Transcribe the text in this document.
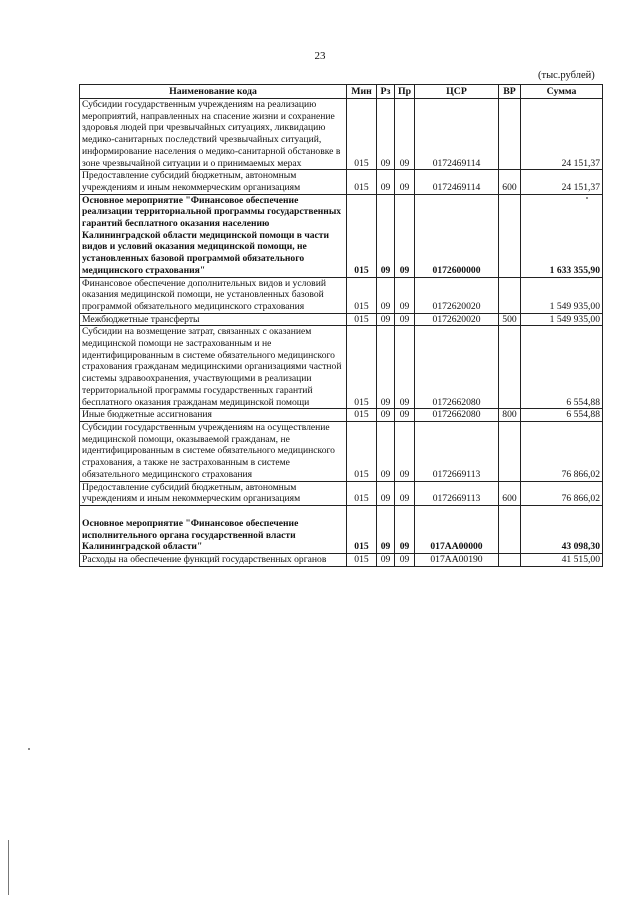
23
(тыс.рублей)
Наименование кода	Мин	Рз	Пр	ЦСР	ВР	Сумма
Субсидии государственным учреждениям на реализацию мероприятий, направленных на спасение жизни и сохранение здоровья людей при чрезвычайных ситуациях, ликвидацию медико-санитарных последствий чрезвычайных ситуаций, информирование населения о медико-санитарной обстановке в зоне чрезвычайной ситуации и о принимаемых мерах	015	09	09	0172469114		24 151,37
Предоставление субсидий бюджетным, автономным учреждениям и иным некоммерческим организациям	015	09	09	0172469114	600	24 151,37
Основное мероприятие "Финансовое обеспечение реализации территориальной программы государственных гарантий бесплатного оказания населению Калининградской области медицинской помощи в части видов и условий оказания медицинской помощи, не установленных базовой программой обязательного медицинского страхования"	015	09	09	0172600000		1 633 355,90
Финансовое обеспечение дополнительных видов и условий оказания медицинской помощи, не установленных базовой программой обязательного медицинского страхования	015	09	09	0172620020		1 549 935,00
Межбюджетные трансферты	015	09	09	0172620020	500	1 549 935,00
Субсидии на возмещение затрат, связанных с оказанием медицинской помощи не застрахованным и не идентифицированным в системе обязательного медицинского страхования гражданам медицинскими организациями частной системы здравоохранения, участвующими в реализации территориальной программы государственных гарантий бесплатного оказания гражданам медицинской помощи	015	09	09	0172662080		6 554,88
Иные бюджетные ассигнования	015	09	09	0172662080	800	6 554,88
Субсидии государственным учреждениям на осуществление медицинской помощи, оказываемой гражданам, не идентифицированным в системе обязательного медицинского страхования, а также не застрахованным в системе обязательного медицинского страхования	015	09	09	0172669113		76 866,02
Предоставление субсидий бюджетным, автономным учреждениям и иным некоммерческим организациям	015	09	09	0172669113	600	76 866,02
Основное мероприятие "Финансовое обеспечение исполнительного органа государственной власти Калининградской области"	015	09	09	017АА00000		43 098,30
Расходы на обеспечение функций государственных органов	015	09	09	017АА00190		41 515,00
